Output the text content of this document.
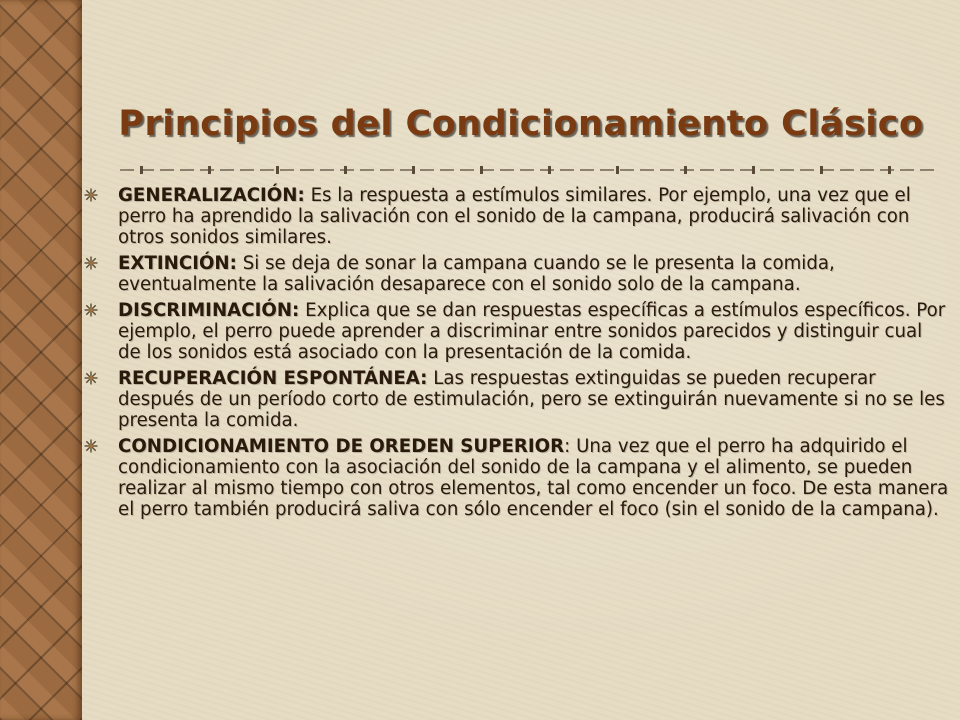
Principios del Condicionamiento Clásico
GENERALIZACIÓN: Es la respuesta a estímulos similares. Por ejemplo, una vez que el perro ha aprendido la salivación con el sonido de la campana, producirá salivación con otros sonidos similares.
EXTINCIÓN: Si se deja de sonar la campana cuando se le presenta la comida, eventualmente la salivación desaparece con el sonido solo de la campana.
DISCRIMINACIÓN: Explica que se dan respuestas específicas a estímulos específicos. Por ejemplo, el perro puede aprender a discriminar entre sonidos parecidos y distinguir cual de los sonidos está asociado con la presentación de la comida.
RECUPERACIÓN ESPONTÁNEA: Las respuestas extinguidas se pueden recuperar después de un período corto de estimulación, pero se extinguirán nuevamente si no se les presenta la comida.
CONDICIONAMIENTO DE OREDEN SUPERIOR: Una vez que el perro ha adquirido el condicionamiento con la asociación del sonido de la campana y el alimento, se pueden realizar al mismo tiempo con otros elementos, tal como encender un foco. De esta manera el perro también producirá saliva con sólo encender el foco (sin el sonido de la campana).
